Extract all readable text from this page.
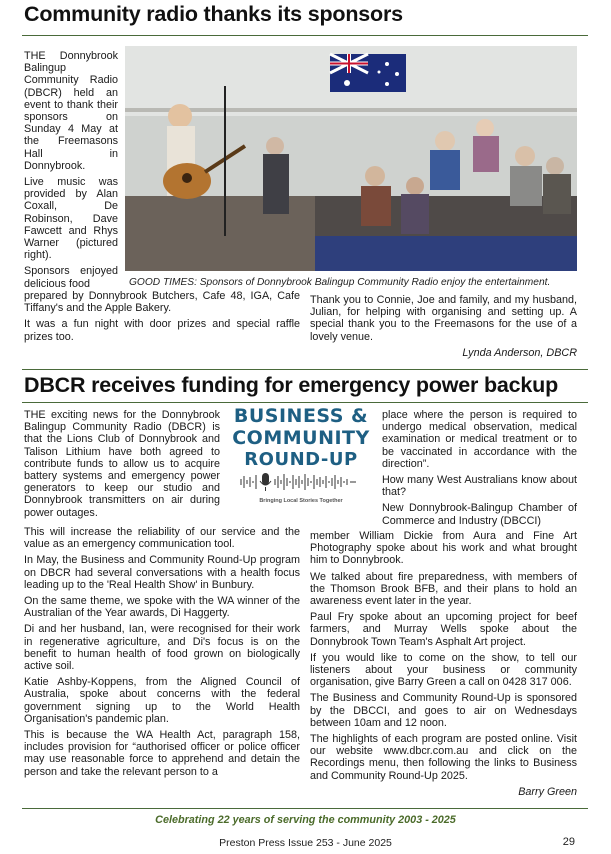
Community radio thanks its sponsors

THE Donnybrook Balingup Community Radio (DBCR) held an event to thank their sponsors on Sunday 4 May at the Freemasons Hall in Donnybrook.

Live music was provided by Alan Coxall, De Robinson, Dave Fawcett and Rhys Warner (pictured right).

Sponsors enjoyed delicious food	GOOD TIMES: Sponsors of Donnybrook Balingup Community Radio enjoy the entertainment.

prepared by Donnybrook Butchers, Cafe 48, IGA, Cafe Tiffany's and the Apple Bakery.

It was a fun night with door prizes and special raffle prizes too.

Thank you to Connie, Joe and family, and my husband, Julian, for helping with organising and setting up. A special thank you to the Freemasons for the use of a lovely venue.

Lynda Anderson, DBCR
DBCR receives funding for emergency power backup

THE exciting news for the Donnybrook Balingup Community Radio (DBCR) is that the Lions Club of Donnybrook and Talison Lithium have both agreed to contribute funds to allow us to acquire battery systems and emergency power generators to keep our studio and Donnybrook transmitters on air during power outages.

BUSINESS &
COMMUNITY
ROUND-UP
Bringing Local Stories Together

This will increase the reliability of our service and the value as an emergency communication tool.

In May, the Business and Community Round-Up program on DBCR had several conversations with a health focus leading up to the 'Real Health Show' in Bunbury.

On the same theme, we spoke with the WA winner of the Australian of the Year awards, Di Haggerty.

Di and her husband, Ian, were recognised for their work in regenerative agriculture, and Di's focus is on the benefit to human health of food grown on biologically active soil.

Katie Ashby-Koppens, from the Aligned Council of Australia, spoke about concerns with the federal government signing up to the World Health Organisation's pandemic plan.

This is because the WA Health Act, paragraph 158, includes provision for “authorised officer or police officer may use reasonable force to apprehend and detain the person and take the relevant person to a

place where the person is required to undergo medical observation, medical examination or medical treatment or to be vaccinated in accordance with the direction”.

How many West Australians know about that?

New Donnybrook-Balingup Chamber of Commerce and Industry (DBCCI)

member William Dickie from Aura and Fine Art Photography spoke about his work and what brought him to Donnybrook.

We talked about fire preparedness, with members of the Thomson Brook BFB, and their plans to hold an awareness event later in the year.

Paul Fry spoke about an upcoming project for beef farmers, and Murray Wells spoke about the Donnybrook Town Team's Asphalt Art project.

If you would like to come on the show, to tell our listeners about your business or community organisation, give Barry Green a call on 0428 317 006.

The Business and Community Round-Up is sponsored by the DBCCI, and goes to air on Wednesdays between 10am and 12 noon.

The highlights of each program are posted online. Visit our website www.dbcr.com.au and click on the Recordings menu, then following the links to Business and Community Round-Up 2025.

Barry Green
Celebrating 22 years of serving the community 2003 - 2025
Preston Press Issue 253 - June 2025	29
